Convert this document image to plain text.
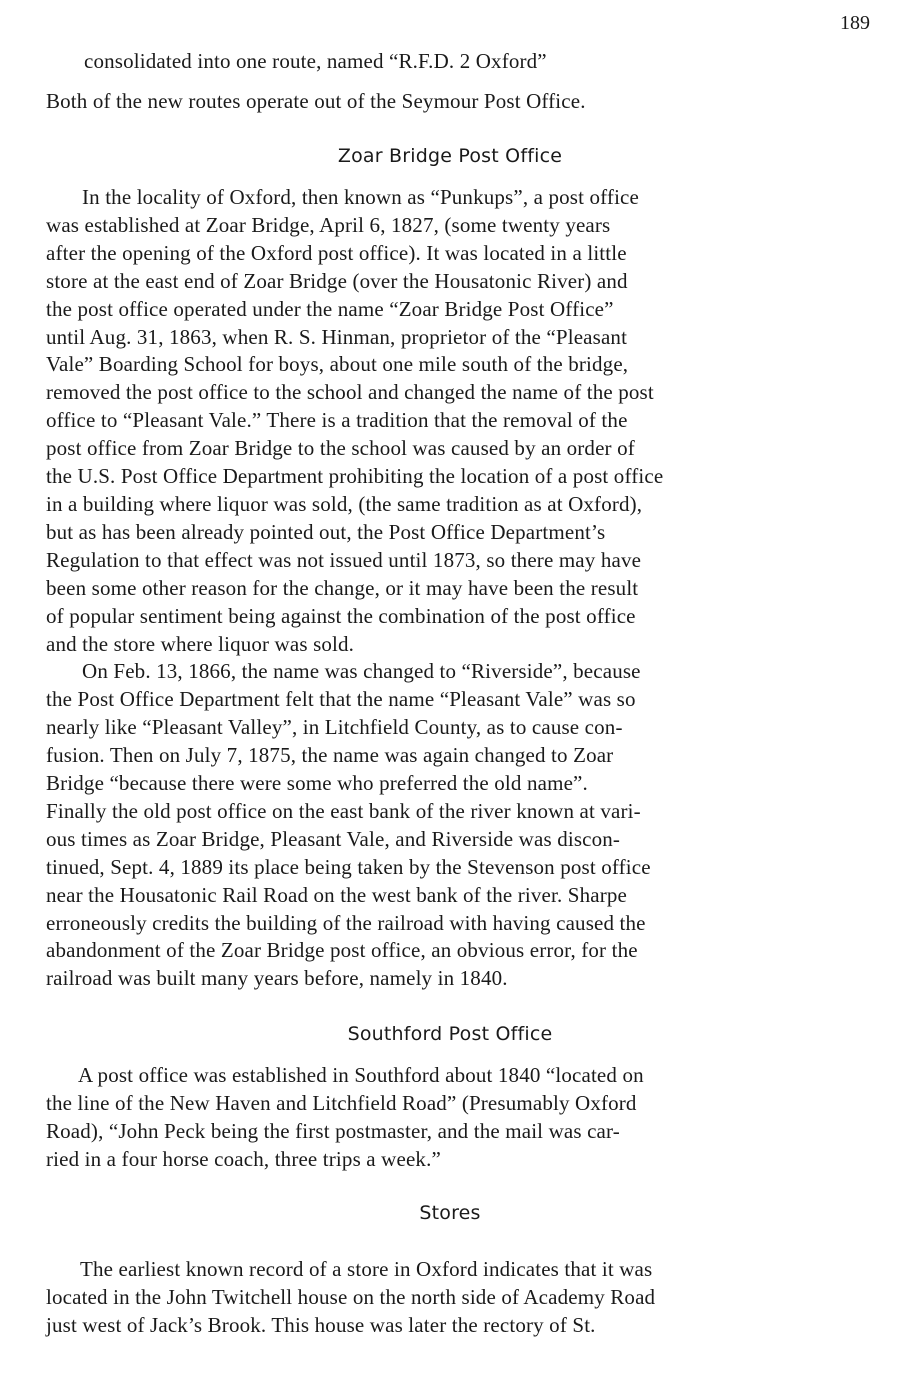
189
consolidated into one route, named “R.F.D. 2 Oxford”
Both of the new routes operate out of the Seymour Post Office.
Zoar Bridge Post Office
In the locality of Oxford, then known as “Punkups”, a post office
was established at Zoar Bridge, April 6, 1827, (some twenty years
after the opening of the Oxford post office). It was located in a little
store at the east end of Zoar Bridge (over the Housatonic River) and
the post office operated under the name “Zoar Bridge Post Office”
until Aug. 31, 1863, when R. S. Hinman, proprietor of the “Pleasant
Vale” Boarding School for boys, about one mile south of the bridge,
removed the post office to the school and changed the name of the post
office to “Pleasant Vale.” There is a tradition that the removal of the
post office from Zoar Bridge to the school was caused by an order of
the U.S. Post Office Department prohibiting the location of a post office
in a building where liquor was sold, (the same tradition as at Oxford),
but as has been already pointed out, the Post Office Department’s
Regulation to that effect was not issued until 1873, so there may have
been some other reason for the change, or it may have been the result
of popular sentiment being against the combination of the post office
and the store where liquor was sold.
On Feb. 13, 1866, the name was changed to “Riverside”, because
the Post Office Department felt that the name “Pleasant Vale” was so
nearly like “Pleasant Valley”, in Litchfield County, as to cause con-
fusion. Then on July 7, 1875, the name was again changed to Zoar
Bridge “because there were some who preferred the old name”.
Finally the old post office on the east bank of the river known at vari-
ous times as Zoar Bridge, Pleasant Vale, and Riverside was discon-
tinued, Sept. 4, 1889 its place being taken by the Stevenson post office
near the Housatonic Rail Road on the west bank of the river. Sharpe
erroneously credits the building of the railroad with having caused the
abandonment of the Zoar Bridge post office, an obvious error, for the
railroad was built many years before, namely in 1840.
Southford Post Office
A post office was established in Southford about 1840 “located on
the line of the New Haven and Litchfield Road” (Presumably Oxford
Road), “John Peck being the first postmaster, and the mail was car-
ried in a four horse coach, three trips a week.”
Stores
The earliest known record of a store in Oxford indicates that it was
located in the John Twitchell house on the north side of Academy Road
just west of Jack’s Brook. This house was later the rectory of St.
